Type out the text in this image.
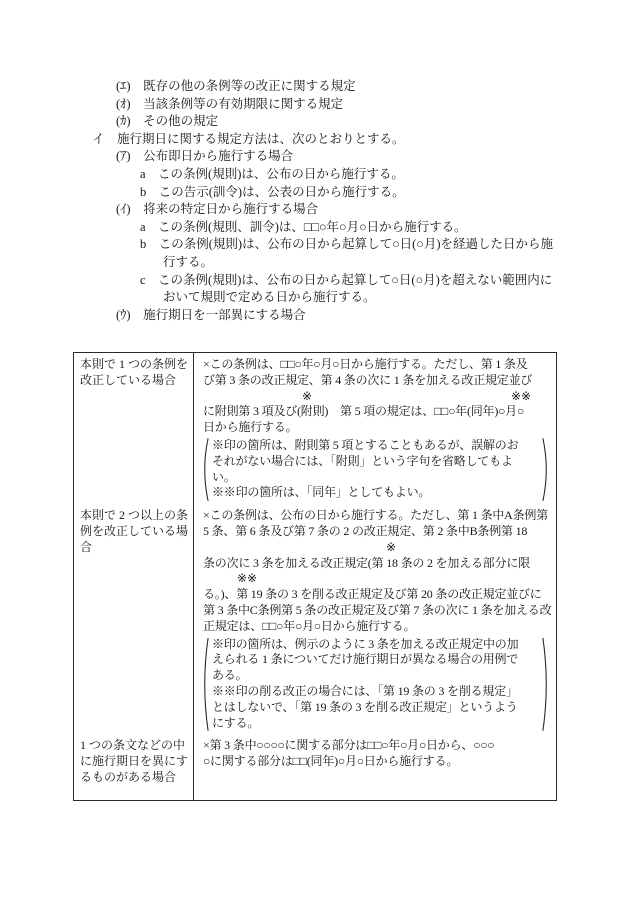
(ｴ)　既存の他の条例等の改正に関する規定
(ｵ)　当該条例等の有効期限に関する規定
(ｶ)　その他の規定
イ　施行期日に関する規定方法は、次のとおりとする。
(ｱ)　公布即日から施行する場合
a　この条例(規則)は、公布の日から施行する。
b　この告示(訓令)は、公表の日から施行する。
(ｲ)　将来の特定日から施行する場合
a　この条例(規則、訓令)は、□□○年○月○日から施行する。
b　この条例(規則)は、公布の日から起算して○日(○月)を経過した日から施
行する。
c　この条例(規則)は、公布の日から起算して○日(○月)を超えない範囲内に
おいて規則で定める日から施行する。
(ｳ)　施行期日を一部異にする場合
本則で 1 つの条例を改正している場合
×この条例は、□□○年○月○日から施行する。ただし、第 1 条及
び第 3 条の改正規定、第 4 条の次に 1 条を加える改正規定並び
※	※※
に附則第 3 項及び(附則)　第 5 項の規定は、□□○年(同年)○月○
日から施行する。
※印の箇所は、附則第 5 項とすることもあるが、誤解のお
それがない場合には、「附則」という字句を省略してもよ
い。
※※印の箇所は、「同年」としてもよい。
本則で 2 つ以上の条例を改正している場合
×この条例は、公布の日から施行する。ただし、第 1 条中A条例第
5 条、第 6 条及び第 7 条の 2 の改正規定、第 2 条中B条例第 18
※
条の次に 3 条を加える改正規定(第 18 条の 2 を加える部分に限
※※
る。)、第 19 条の 3 を削る改正規定及び第 20 条の改正規定並びに
第 3 条中C条例第 5 条の改正規定及び第 7 条の次に 1 条を加える改
正規定は、□□○年○月○日から施行する。
※印の箇所は、例示のように 3 条を加える改正規定中の加
えられる 1 条についてだけ施行期日が異なる場合の用例で
ある。
※※印の削る改正の場合には、「第 19 条の 3 を削る規定」
とはしないで、「第 19 条の 3 を削る改正規定」というよう
にする。
1 つの条文などの中に施行期日を異にするものがある場合
×第 3 条中○○○○に関する部分は□□○年○月○日から、○○○
○に関する部分は□□(同年)○月○日から施行する。
